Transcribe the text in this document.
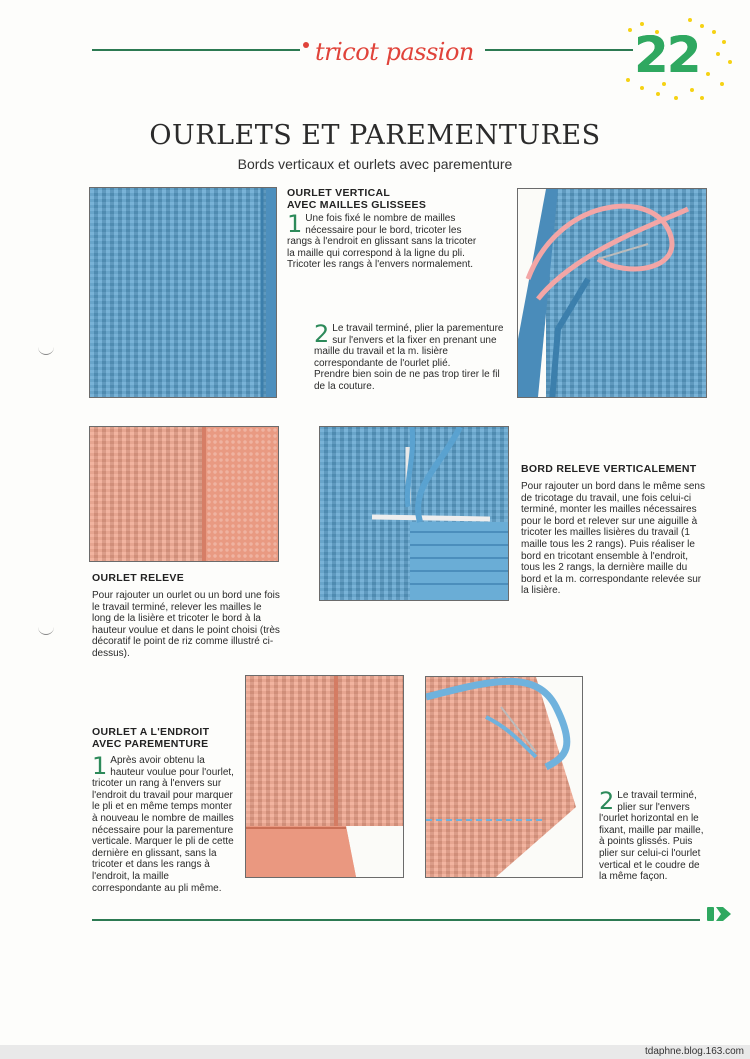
tricot passion	22
OURLETS ET PAREMENTURES
Bords verticaux et ourlets avec parementure
OURLET VERTICAL
AVEC MAILLES GLISSEES
1 Une fois fixé le nombre de mailles nécessaire pour le bord, tricoter les rangs à l'endroit en glissant sans la tricoter la maille qui correspond à la ligne du pli. Tricoter les rangs à l'envers normalement.
2 Le travail terminé, plier la parementure sur l'envers et la fixer en prenant une maille du travail et la m. lisière correspondante de l'ourlet plié.
Prendre bien soin de ne pas trop tirer le fil de la couture.
OURLET RELEVE
Pour rajouter un ourlet ou un bord une fois le travail terminé, relever les mailles le long de la lisière et tricoter le bord à la hauteur voulue et dans le point choisi (très décoratif le point de riz comme illustré ci-dessus).
BORD RELEVE VERTICALEMENT
Pour rajouter un bord dans le même sens de tricotage du travail, une fois celui-ci terminé, monter les mailles nécessaires pour le bord et relever sur une aiguille à tricoter les mailles lisières du travail (1 maille tous les 2 rangs). Puis réaliser le bord en tricotant ensemble à l'endroit, tous les 2 rangs, la dernière maille du bord et la m. correspondante relevée sur la lisière.
OURLET A L'ENDROIT
AVEC PAREMENTURE
1 Après avoir obtenu la hauteur voulue pour l'ourlet, tricoter un rang à l'envers sur l'endroit du travail pour marquer le pli et en même temps monter à nouveau le nombre de mailles nécessaire pour la parementure verticale. Marquer le pli de cette dernière en glissant, sans la tricoter et dans les rangs à l'endroit, la maille correspondante au pli même.
2 Le travail terminé, plier sur l'envers l'ourlet horizontal en le fixant, maille par maille, à points glissés. Puis plier sur celui-ci l'ourlet vertical et le coudre de la même façon.
tdaphne.blog.163.com
